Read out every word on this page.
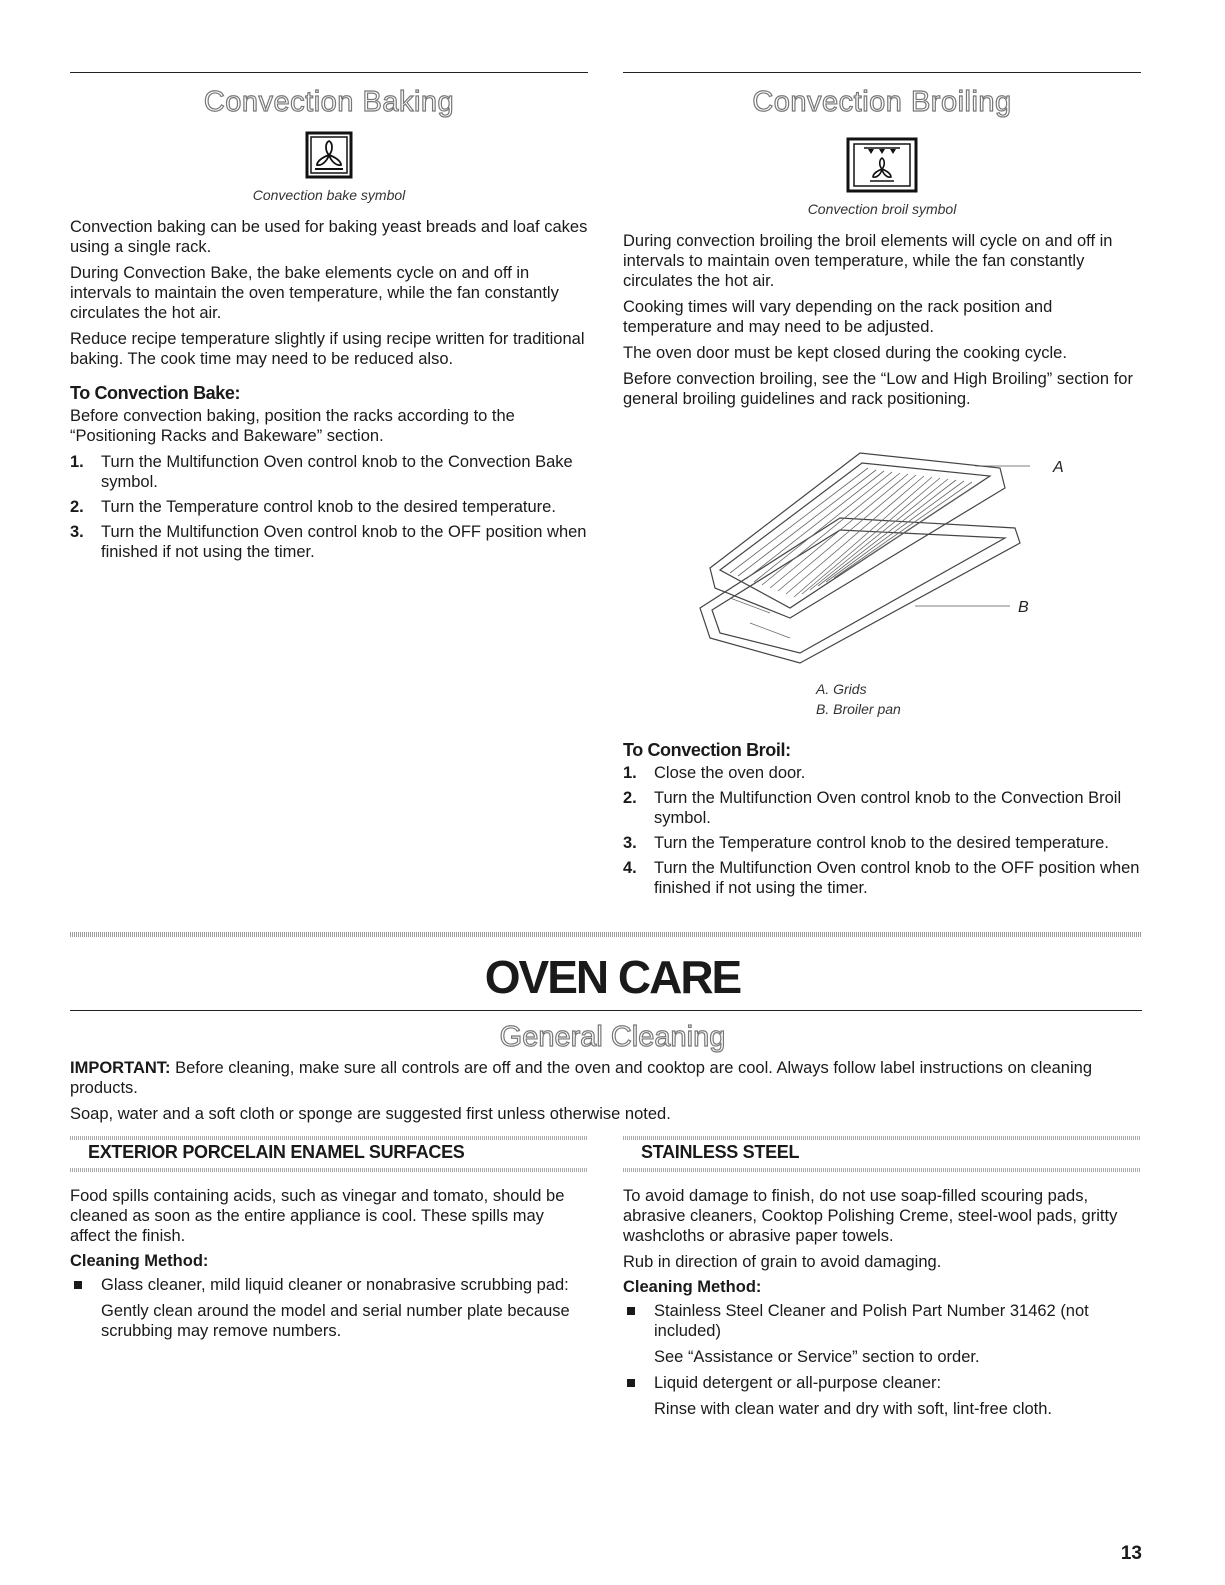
Convection Baking
Convection bake symbol

Convection baking can be used for baking yeast breads and loaf cakes using a single rack.

During Convection Bake, the bake elements cycle on and off in intervals to maintain the oven temperature, while the fan constantly circulates the hot air.

Reduce recipe temperature slightly if using recipe written for traditional baking. The cook time may need to be reduced also.

To Convection Bake:

Before convection baking, position the racks according to the “Positioning Racks and Bakeware” section.

1. Turn the Multifunction Oven control knob to the Convection Bake symbol.
2. Turn the Temperature control knob to the desired temperature.
3. Turn the Multifunction Oven control knob to the OFF position when finished if not using the timer.
Convection Broiling
Convection broil symbol

During convection broiling the broil elements will cycle on and off in intervals to maintain oven temperature, while the fan constantly circulates the hot air.

Cooking times will vary depending on the rack position and temperature and may need to be adjusted.

The oven door must be kept closed during the cooking cycle.

Before convection broiling, see the “Low and High Broiling” section for general broiling guidelines and rack positioning.

A
B
A. Grids
B. Broiler pan
To Convection Broil:
1. Close the oven door.
2. Turn the Multifunction Oven control knob to the Convection Broil symbol.
3. Turn the Temperature control knob to the desired temperature.
4. Turn the Multifunction Oven control knob to the OFF position when finished if not using the timer.
OVEN CARE
General Cleaning

IMPORTANT: Before cleaning, make sure all controls are off and the oven and cooktop are cool. Always follow label instructions on cleaning products.

Soap, water and a soft cloth or sponge are suggested first unless otherwise noted.

EXTERIOR PORCELAIN ENAMEL SURFACES

Food spills containing acids, such as vinegar and tomato, should be cleaned as soon as the entire appliance is cool. These spills may affect the finish.

Cleaning Method:
Glass cleaner, mild liquid cleaner or nonabrasive scrubbing pad:

Gently clean around the model and serial number plate because scrubbing may remove numbers.

STAINLESS STEEL

To avoid damage to finish, do not use soap-filled scouring pads, abrasive cleaners, Cooktop Polishing Creme, steel-wool pads, gritty washcloths or abrasive paper towels.

Rub in direction of grain to avoid damaging.

Cleaning Method:
Stainless Steel Cleaner and Polish Part Number 31462 (not included)

See “Assistance or Service” section to order.

Liquid detergent or all-purpose cleaner:

Rinse with clean water and dry with soft, lint-free cloth.

13
